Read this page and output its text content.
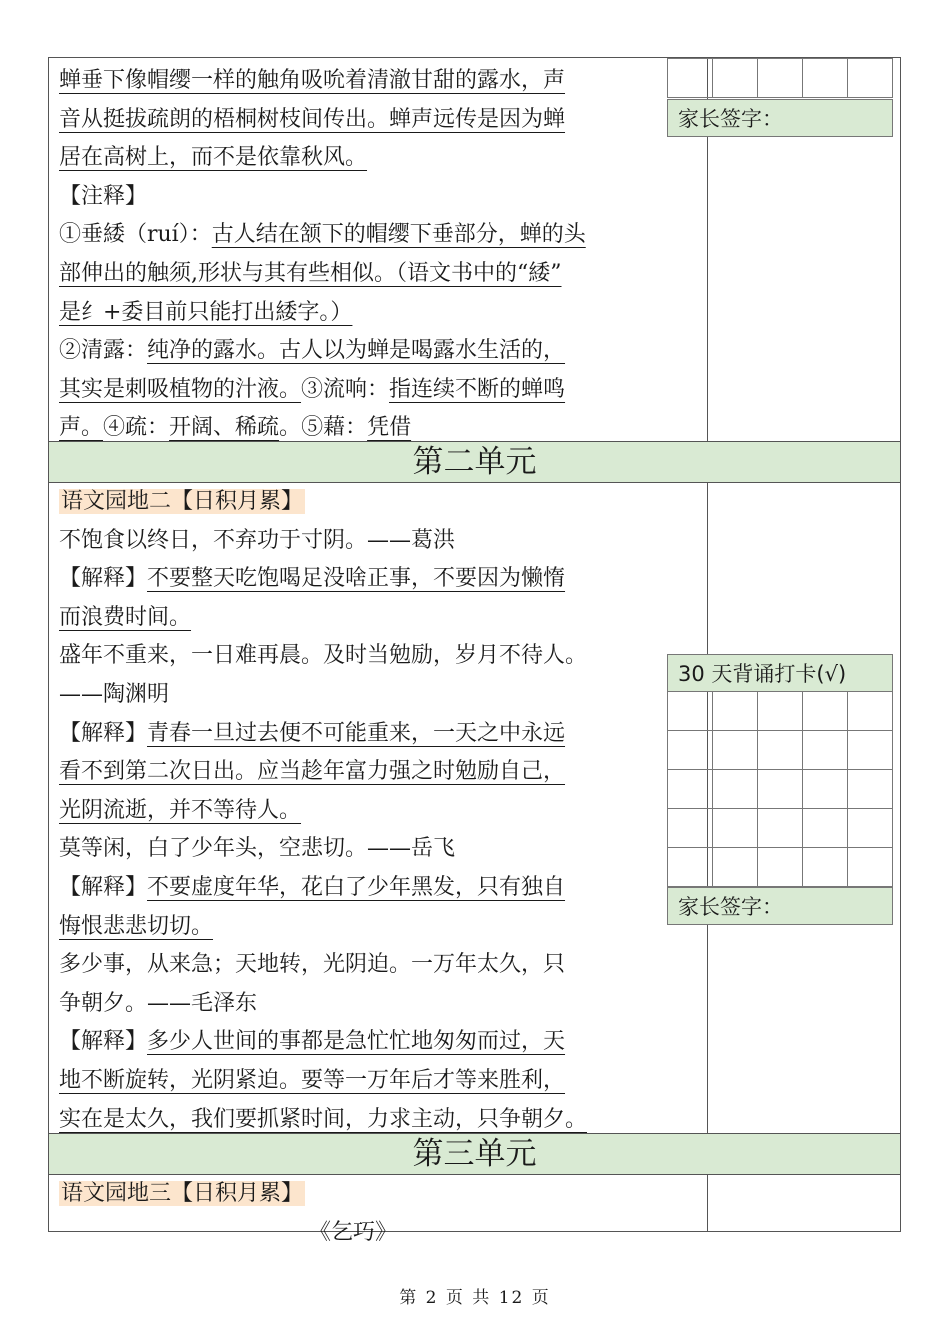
蝉垂下像帽缨一样的触角吸吮着清澈甘甜的露水，声
音从挺拔疏朗的梧桐树枝间传出。蝉声远传是因为蝉
居在高树上，而不是依靠秋风。
【注释】
①垂緌（ruí）：古人结在颔下的帽缨下垂部分，蝉的头
部伸出的触须,形状与其有些相似。（语文书中的“緌”
是纟+委目前只能打出緌字。）
②清露：纯净的露水。古人以为蝉是喝露水生活的，
其实是刺吸植物的汁液。③流响：指连续不断的蝉鸣
声。④疏：开阔、稀疏。⑤藉：凭借

家长签字：
第二单元
语文园地二【日积月累】
不饱食以终日，不弃功于寸阴。——葛洪
【解释】不要整天吃饱喝足没啥正事，不要因为懒惰
而浪费时间。
盛年不重来，一日难再晨。及时当勉励，岁月不待人。
——陶渊明
【解释】青春一旦过去便不可能重来，一天之中永远
看不到第二次日出。应当趁年富力强之时勉励自己，
光阴流逝，并不等待人。
莫等闲，白了少年头，空悲切。——岳飞
【解释】不要虚度年华，花白了少年黑发，只有独自
悔恨悲悲切切。
多少事，从来急；天地转，光阴迫。一万年太久，只
争朝夕。——毛泽东
【解释】多少人世间的事都是急忙忙地匆匆而过，天
地不断旋转，光阴紧迫。要等一万年后才等来胜利，
实在是太久，我们要抓紧时间，力求主动，只争朝夕。
30 天背诵打卡(√)

家长签字：
第三单元
语文园地三【日积月累】
《乞巧》
第 2 页 共 12 页
